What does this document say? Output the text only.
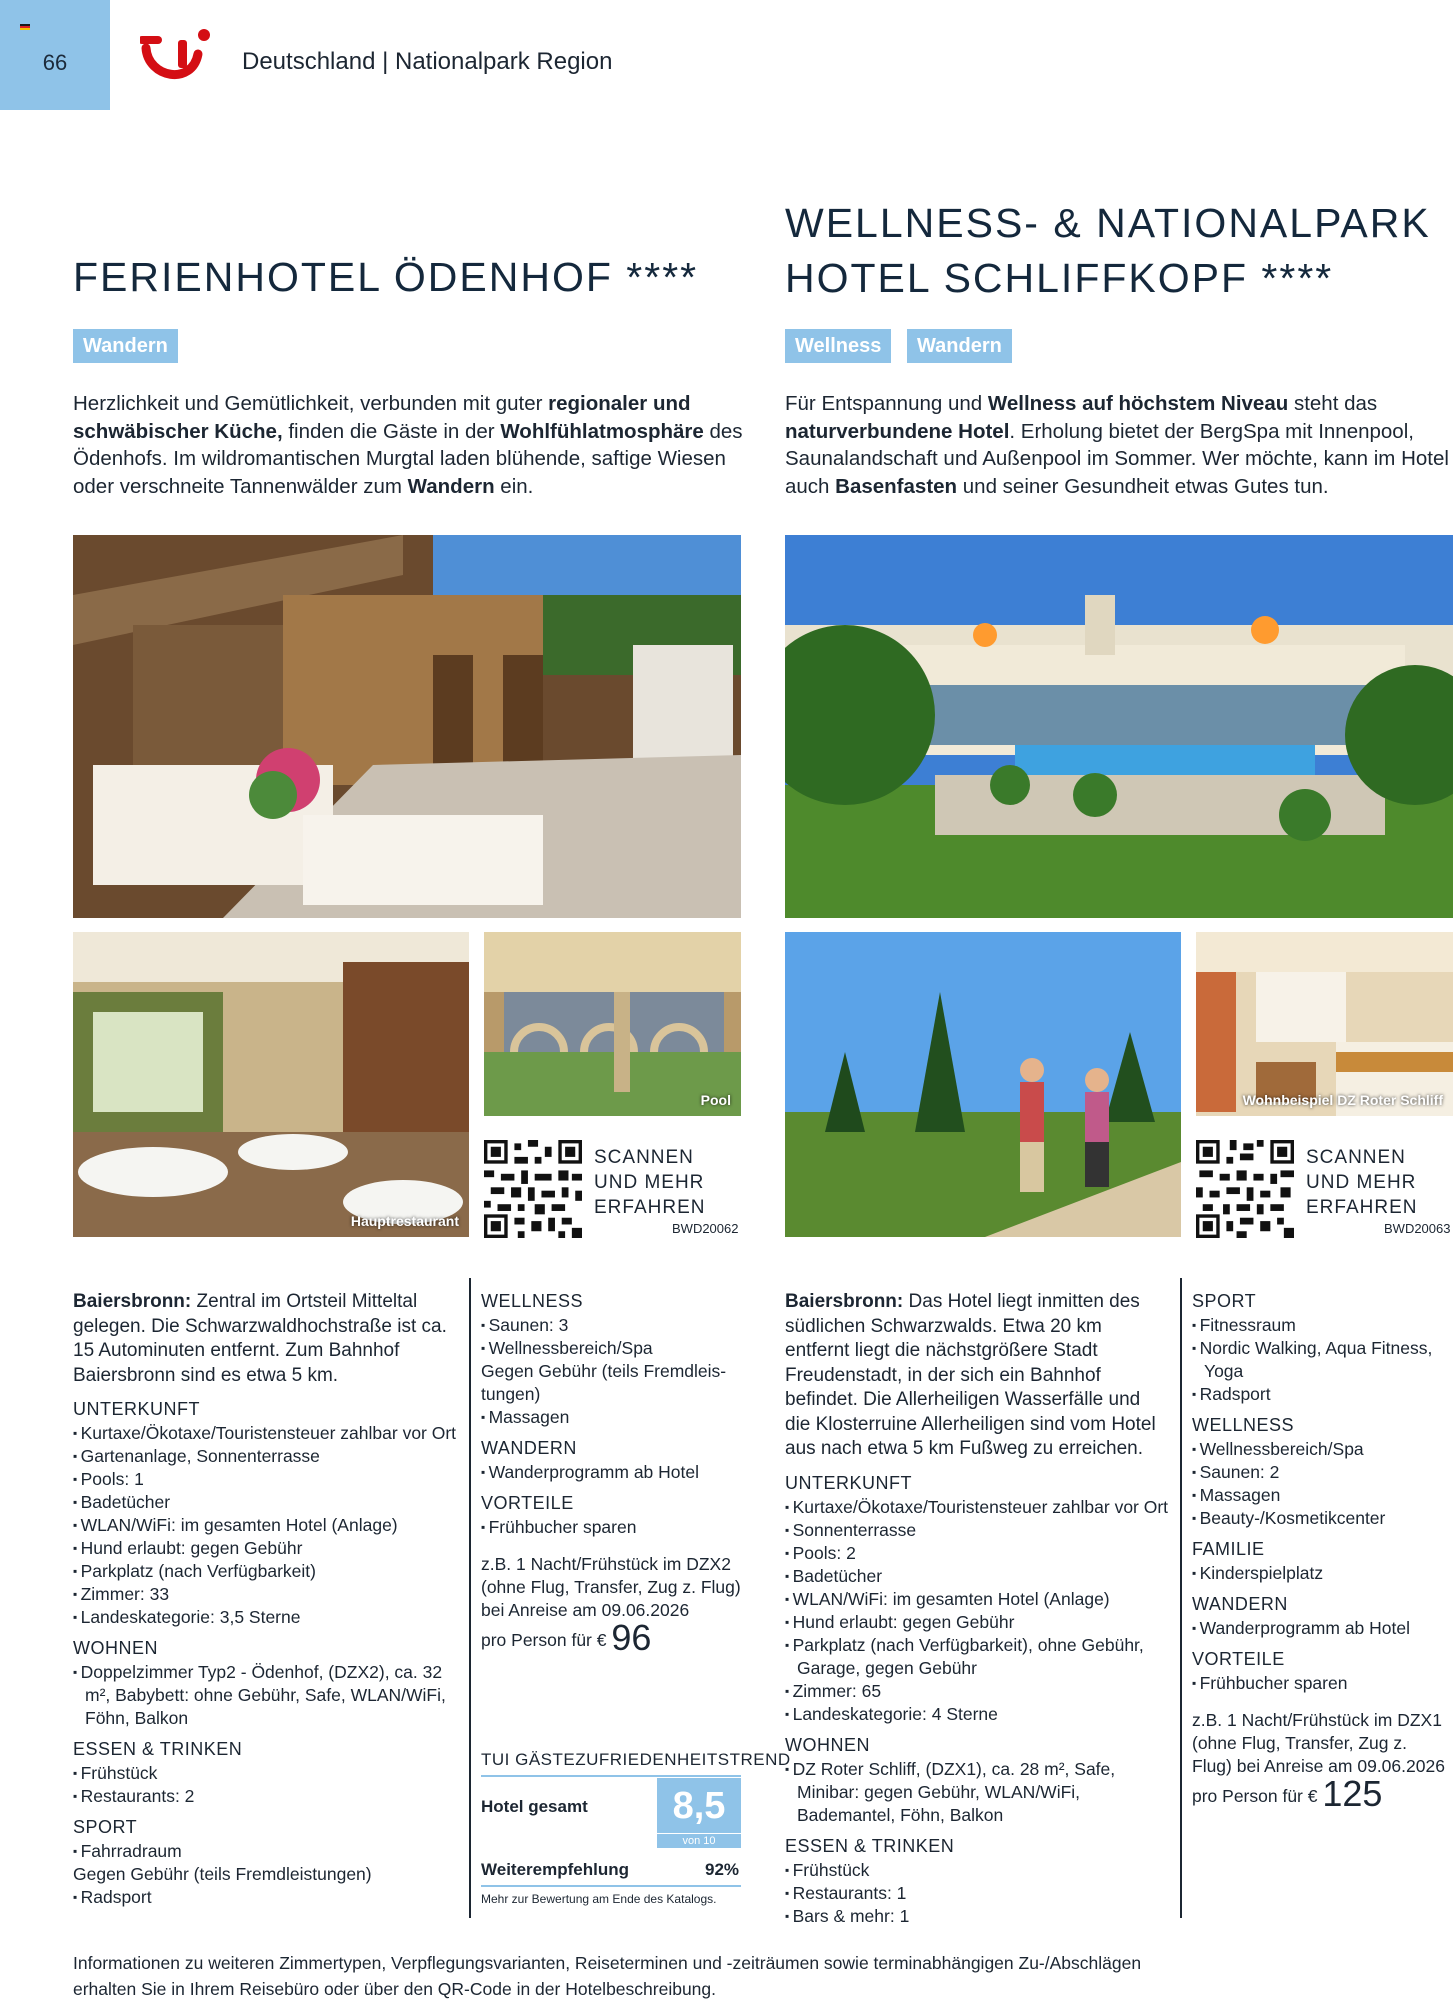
66	Deutschland | Nationalpark Region
FERIENHOTEL ÖDENHOF ****
Wandern

Herzlichkeit und Gemütlichkeit, verbunden mit guter regionaler und schwäbischer Küche, finden die Gäste in der Wohlfühlatmosphäre des Ödenhofs. Im wildromantischen Murgtal laden blühende, saftige Wiesen oder verschneite Tannenwälder zum Wandern ein.

Hauptrestaurant
Pool
SCANNEN
UND MEHR
ERFAHREN
BWD20062
Baiersbronn: Zentral im Ortsteil Mitteltal gelegen. Die Schwarzwaldhochstraße ist ca. 15 Autominuten entfernt. Zum Bahnhof Baiersbronn sind es etwa 5 km.
UNTERKUNFT
▪ Kurtaxe/Ökotaxe/Touristensteuer zahlbar vor Ort
▪ Gartenanlage, Sonnenterrasse
▪ Pools: 1
▪ Badetücher
▪ WLAN/WiFi: im gesamten Hotel (Anlage)
▪ Hund erlaubt: gegen Gebühr
▪ Parkplatz (nach Verfügbarkeit)
▪ Zimmer: 33
▪ Landeskategorie: 3,5 Sterne
WOHNEN
▪ Doppelzimmer Typ2 - Ödenhof, (DZX2), ca. 32 m², Babybett: ohne Gebühr, Safe, WLAN/WiFi, Föhn, Balkon
ESSEN & TRINKEN
▪ Frühstück
▪ Restaurants: 2
SPORT
▪ Fahrradraum
Gegen Gebühr (teils Fremdleistungen)
▪ Radsport
WELLNESS
▪ Saunen: 3
▪ Wellnessbereich/Spa
Gegen Gebühr (teils Fremdleistungen)
▪ Massagen
WANDERN
▪ Wanderprogramm ab Hotel
VORTEILE
▪ Frühbucher sparen
z.B. 1 Nacht/Frühstück im DZX2 (ohne Flug, Transfer, Zug z. Flug) bei Anreise am 09.06.2026
pro Person für € 96
TUI GÄSTEZUFRIEDENHEITSTREND
Hotel gesamt	8,5
von 10
Weiterempfehlung	92%
Mehr zur Bewertung am Ende des Katalogs.
WELLNESS- & NATIONALPARK
HOTEL SCHLIFFKOPF ****
Wellness	Wandern

Für Entspannung und Wellness auf höchstem Niveau steht das naturverbundene Hotel. Erholung bietet der BergSpa mit Innenpool, Saunalandschaft und Außenpool im Sommer. Wer möchte, kann im Hotel auch Basenfasten und seiner Gesundheit etwas Gutes tun.

Wohnbeispiel DZ Roter Schliff
SCANNEN
UND MEHR
ERFAHREN
BWD20063
Baiersbronn: Das Hotel liegt inmitten des südlichen Schwarzwalds. Etwa 20 km entfernt liegt die nächstgrößere Stadt Freudenstadt, in der sich ein Bahnhof befindet. Die Allerheiligen Wasserfälle und die Klosterruine Allerheiligen sind vom Hotel aus nach etwa 5 km Fußweg zu erreichen.
UNTERKUNFT
▪ Kurtaxe/Ökotaxe/Touristensteuer zahlbar vor Ort
▪ Sonnenterrasse
▪ Pools: 2
▪ Badetücher
▪ WLAN/WiFi: im gesamten Hotel (Anlage)
▪ Hund erlaubt: gegen Gebühr
▪ Parkplatz (nach Verfügbarkeit), ohne Gebühr, Garage, gegen Gebühr
▪ Zimmer: 65
▪ Landeskategorie: 4 Sterne
WOHNEN
▪ DZ Roter Schliff, (DZX1), ca. 28 m², Safe, Minibar: gegen Gebühr, WLAN/WiFi, Bademantel, Föhn, Balkon
ESSEN & TRINKEN
▪ Frühstück
▪ Restaurants: 1
▪ Bars & mehr: 1
SPORT
▪ Fitnessraum
▪ Nordic Walking, Aqua Fitness, Yoga
▪ Radsport
WELLNESS
▪ Wellnessbereich/Spa
▪ Saunen: 2
▪ Massagen
▪ Beauty-/Kosmetikcenter
FAMILIE
▪ Kinderspielplatz
WANDERN
▪ Wanderprogramm ab Hotel
VORTEILE
▪ Frühbucher sparen
z.B. 1 Nacht/Frühstück im DZX1 (ohne Flug, Transfer, Zug z. Flug) bei Anreise am 09.06.2026
pro Person für € 125
Informationen zu weiteren Zimmertypen, Verpflegungsvarianten, Reiseterminen und -zeiträumen sowie terminabhängigen Zu-/Abschlägen erhalten Sie in Ihrem Reisebüro oder über den QR-Code in der Hotelbeschreibung.
